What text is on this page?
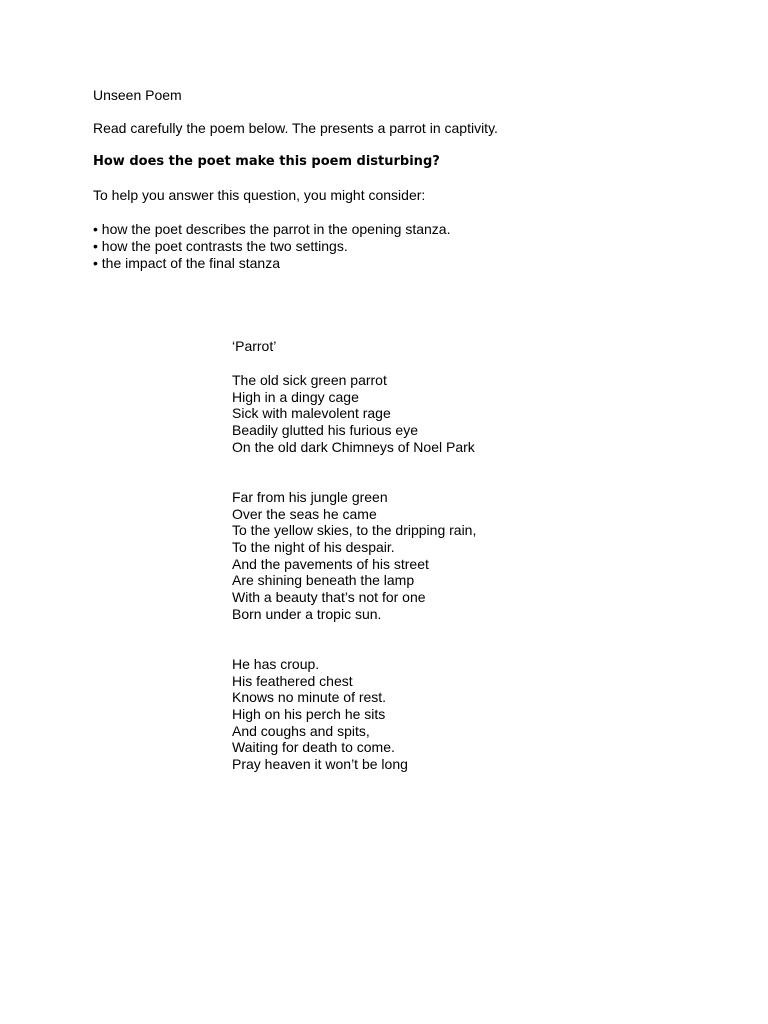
Unseen Poem

Read carefully the poem below. The presents a parrot in captivity.

How does the poet make this poem disturbing?

To help you answer this question, you might consider:

• how the poet describes the parrot in the opening stanza.
• how the poet contrasts the two settings.
• the impact of the final stanza

‘Parrot’

The old sick green parrot
High in a dingy cage
Sick with malevolent rage
Beadily glutted his furious eye
On the old dark Chimneys of Noel Park
Far from his jungle green
Over the seas he came
To the yellow skies, to the dripping rain,
To the night of his despair.
And the pavements of his street
Are shining beneath the lamp
With a beauty that’s not for one
Born under a tropic sun.
He has croup.
His feathered chest
Knows no minute of rest.
High on his perch he sits
And coughs and spits,
Waiting for death to come.
Pray heaven it won’t be long
